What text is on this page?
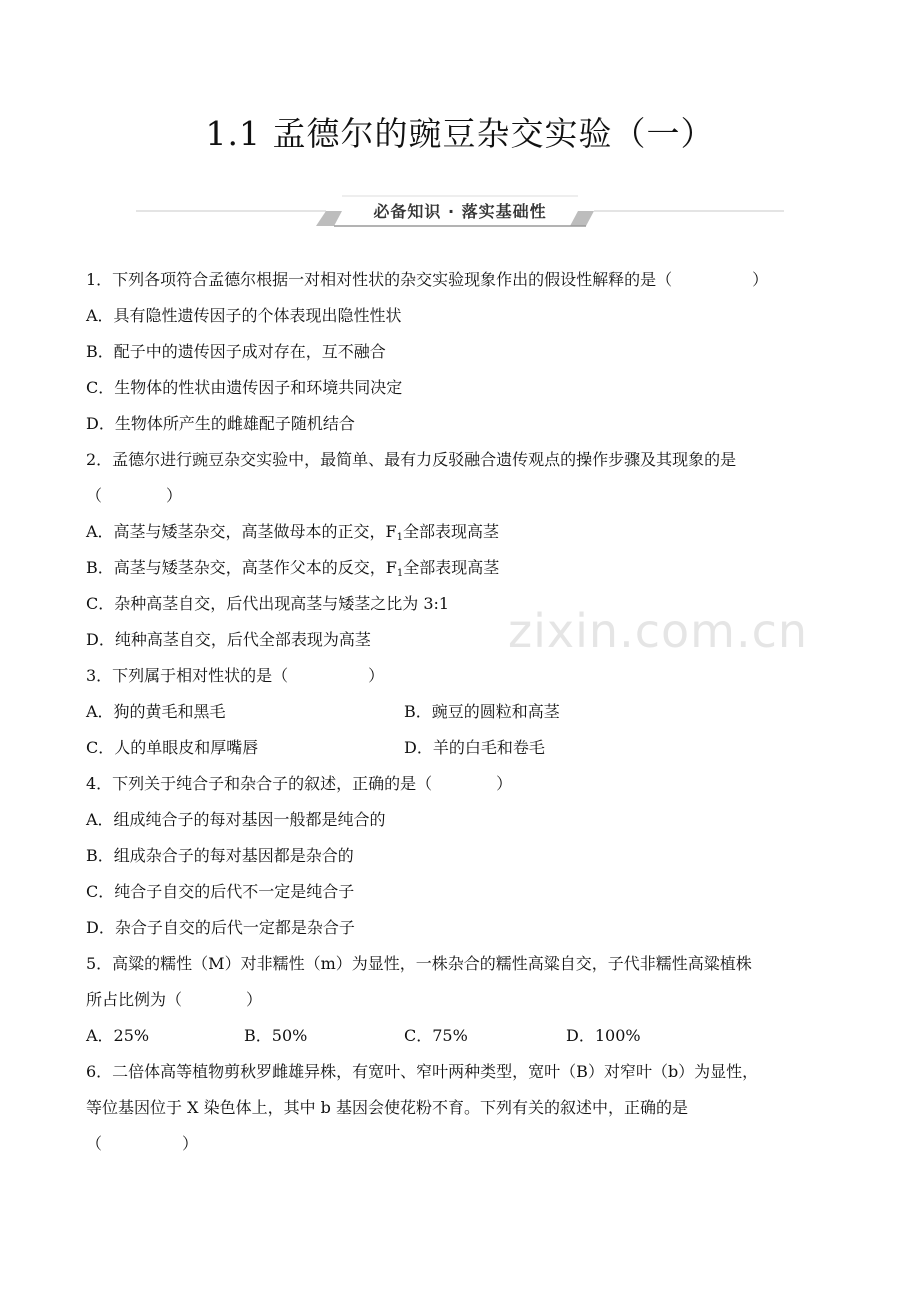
1.1 孟德尔的豌豆杂交实验（一）
必备知识 · 落实基础性
1．下列各项符合孟德尔根据一对相对性状的杂交实验现象作出的假设性解释的是（　　　　　）
A．具有隐性遗传因子的个体表现出隐性性状
B．配子中的遗传因子成对存在，互不融合
C．生物体的性状由遗传因子和环境共同决定
D．生物体所产生的雌雄配子随机结合
2．孟德尔进行豌豆杂交实验中，最简单、最有力反驳融合遗传观点的操作步骤及其现象的是
（　　　　）
A．高茎与矮茎杂交，高茎做母本的正交，$F_1$全部表现高茎
B．高茎与矮茎杂交，高茎作父本的反交，$F_1$全部表现高茎
C．杂种高茎自交，后代出现高茎与矮茎之比为 3:1
D．纯种高茎自交，后代全部表现为高茎
3．下列属于相对性状的是（　　　　　）
A．狗的黄毛和黑毛	B．豌豆的圆粒和高茎
C．人的单眼皮和厚嘴唇	D．羊的白毛和卷毛
4．下列关于纯合子和杂合子的叙述，正确的是（　　　　）
A．组成纯合子的每对基因一般都是纯合的
B．组成杂合子的每对基因都是杂合的
C．纯合子自交的后代不一定是纯合子
D．杂合子自交的后代一定都是杂合子
5．高粱的糯性（M）对非糯性（m）为显性，一株杂合的糯性高粱自交，子代非糯性高粱植株
所占比例为（　　　　）
A．25%	B．50%	C．75%	D．100%
6．二倍体高等植物剪秋罗雌雄异株，有宽叶、窄叶两种类型，宽叶（B）对窄叶（b）为显性，
等位基因位于 X 染色体上，其中 b 基因会使花粉不育。下列有关的叙述中，正确的是
（　　　　　）
zixin.com.cn
